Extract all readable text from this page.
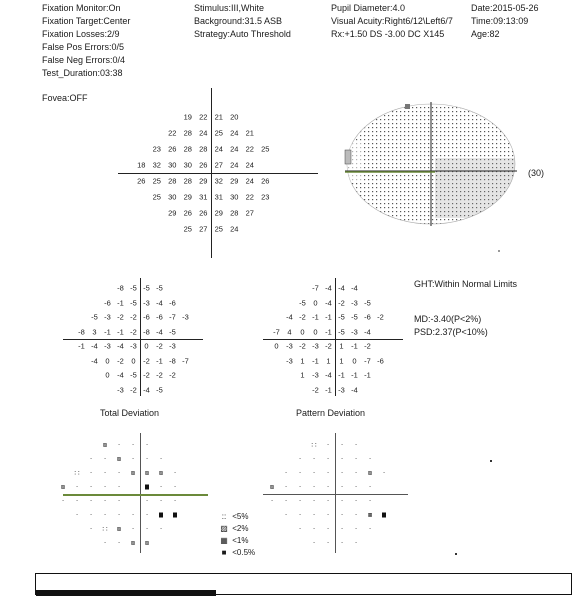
Fixation Monitor:On
Fixation Target:Center
Fixation Losses:2/9
False Pos Errors:0/5
False Neg Errors:0/4
Test_Duration:03:38
Stimulus:III,White
Background:31.5 ASB
Strategy:Auto Threshold
Pupil Diameter:4.0
Visual Acuity:Right6/12\Left6/7
Rx:+1.50 DS -3.00 DC X145
Date:2015-05-26
Time:09:13:09
Age:82
Fovea:OFF
19 22 21 20
22 28 24 25 24 21
23 26 28 28 24 24 22 25
18 32 30 30 26 27 24 24
26 25 28 28 29 32 29 24 26
25 30 29 31 31 30 22 23
29 26 26 29 28 27
25 27 25 24
(30)
-8 -5 -5 -5
-6 -1 -5 -3 -4 -6
-5 -3 -2 -2 -6 -6 -7 -3
-8 3 -1 -1 -2 -8 -4 -5
-1 -4 -3 -4 -3 0 -2 -3
-4 0 -2 0 -2 -1 -8 -7
0 -4 -5 -2 -2 -2
-3 -2 -4 -5
Total Deviation
-7 -4 -4 -4
-5 0 -4 -2 -3 -5
-4 -2 -1 -1 -5 -5 -6 -2
-7 4 0 0 -1 -5 -3 -4
0 -3 -2 -3 -2 1 -1 -2
-3 1 -1 1 1 0 -7 -6
1 -3 -4 -1 -1 -1
-2 -1 -3 -4
Pattern Deviation
GHT:Within Normal Limits
MD:-3.40(P<2%)
PSD:2.37(P<10%)
▨ · · ·
· · ▨ · · ·
:: · · · ▨ ▨ ▨ ·
▨ · · · ·	· ·
· · · · ·	· · ·
· · · · · ·
· :: ▨ · · ·
· · ▨ ▨
:: · · ·
· · · · · ·
· · · · · · ▨ ·
▨ · · · · · · ·
· · · · · · · ·
· · · · · · ▦
· · · · · ·
· · · ·
:: <5%
▨ <2%
▦ <1%
■ <0.5%
